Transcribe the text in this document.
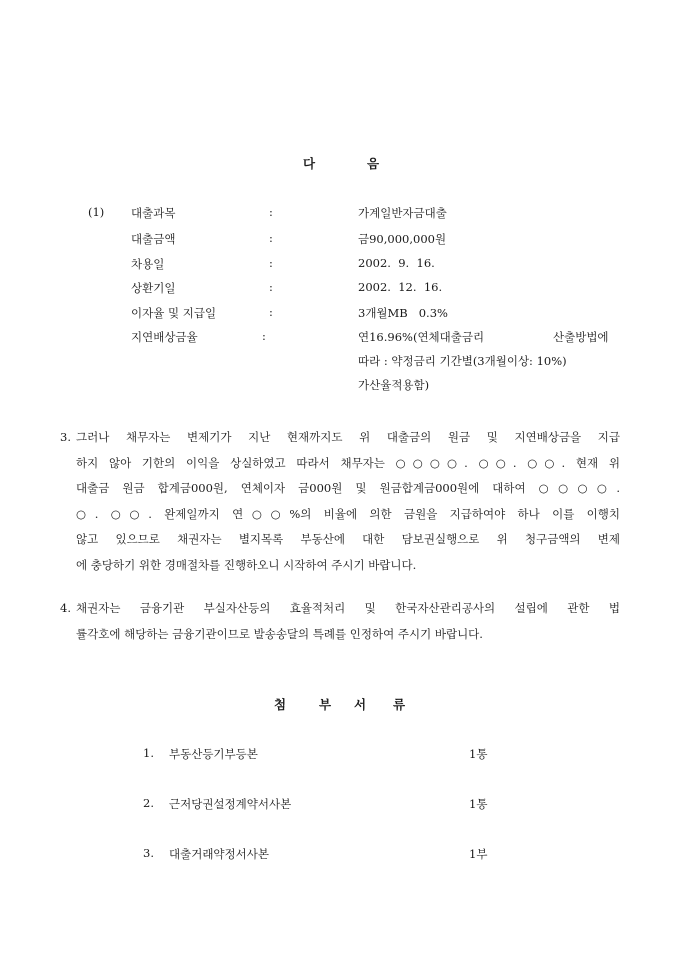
다	음
(1) 대출과목	:	가계일반자금대출
대출금액	:	금90,000,000원
차용일	:	2002.  9.  16.
상환기일	:	2002.  12.  16.
이자율 및 지급일	:	3개월MB   0.3%
지연배상금율	:	연16.96%(연체대출금리	산출방법에
따라 : 약정금리 기간별(3개월이상: 10%)
가산율적용함)
3. 그러나 채무자는 변제기가 지난 현재까지도 위 대출금의 원금 및 지연배상금을 지급
하지 않아 기한의 이익을 상실하였고 따라서 채무자는 ○○○○. ○○. ○○. 현재 위
대출금 원금 합계금000원, 연체이자 금000원 및 원금합계금000원에 대하여 ○○○○.
○. ○○. 완제일까지 연○○%의 비율에 의한 금원을 지급하여야 하나 이를 이행치
않고 있으므로 채권자는 별지목록 부동산에 대한 담보권실행으로 위 청구금액의 변제
에 충당하기 위한 경매절차를 진행하오니 시작하여 주시기 바랍니다.
4. 채권자는 금융기관 부실자산등의 효율적처리 및 한국자산관리공사의 설립에 관한 법
률각호에 해당하는 금융기관이므로 발송송달의 특례를 인정하여 주시기 바랍니다.
첨	부 서 류
1. 부동산등기부등본	1통
2. 근저당권설정계약서사본	1통
3. 대출거래약정서사본	1부
